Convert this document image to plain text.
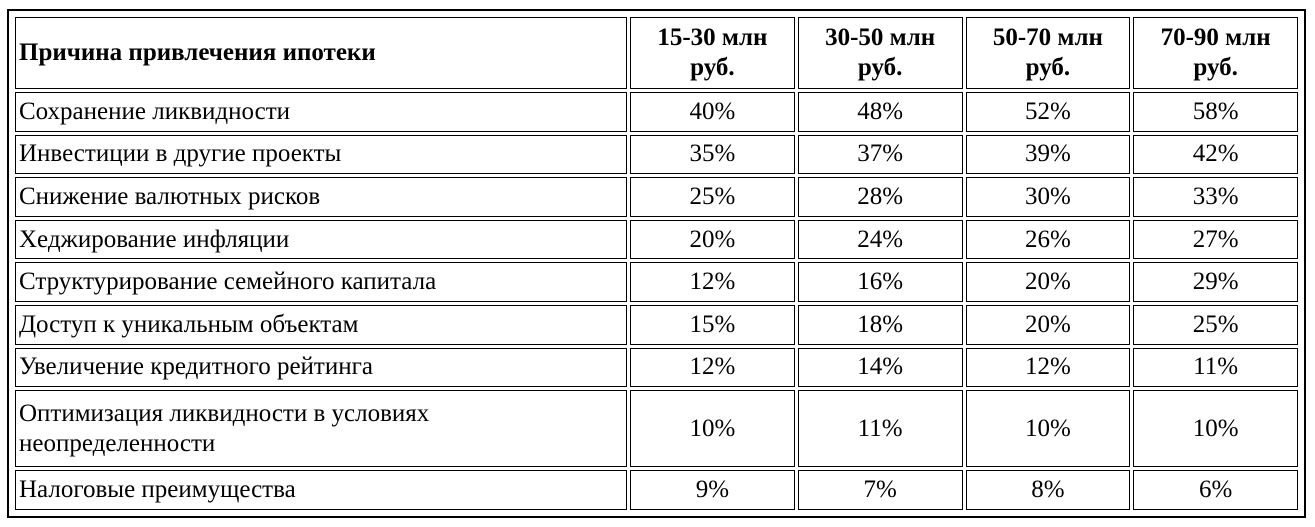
Причина привлечения ипотеки	15-30 млн руб.	30-50 млн руб.	50-70 млн руб.	70-90 млн руб.
Сохранение ликвидности	40%	48%	52%	58%
Инвестиции в другие проекты	35%	37%	39%	42%
Снижение валютных рисков	25%	28%	30%	33%
Хеджирование инфляции	20%	24%	26%	27%
Структурирование семейного капитала	12%	16%	20%	29%
Доступ к уникальным объектам	15%	18%	20%	25%
Увеличение кредитного рейтинга	12%	14%	12%	11%
Оптимизация ликвидности в условиях неопределенности	10%	11%	10%	10%
Налоговые преимущества	9%	7%	8%	6%
